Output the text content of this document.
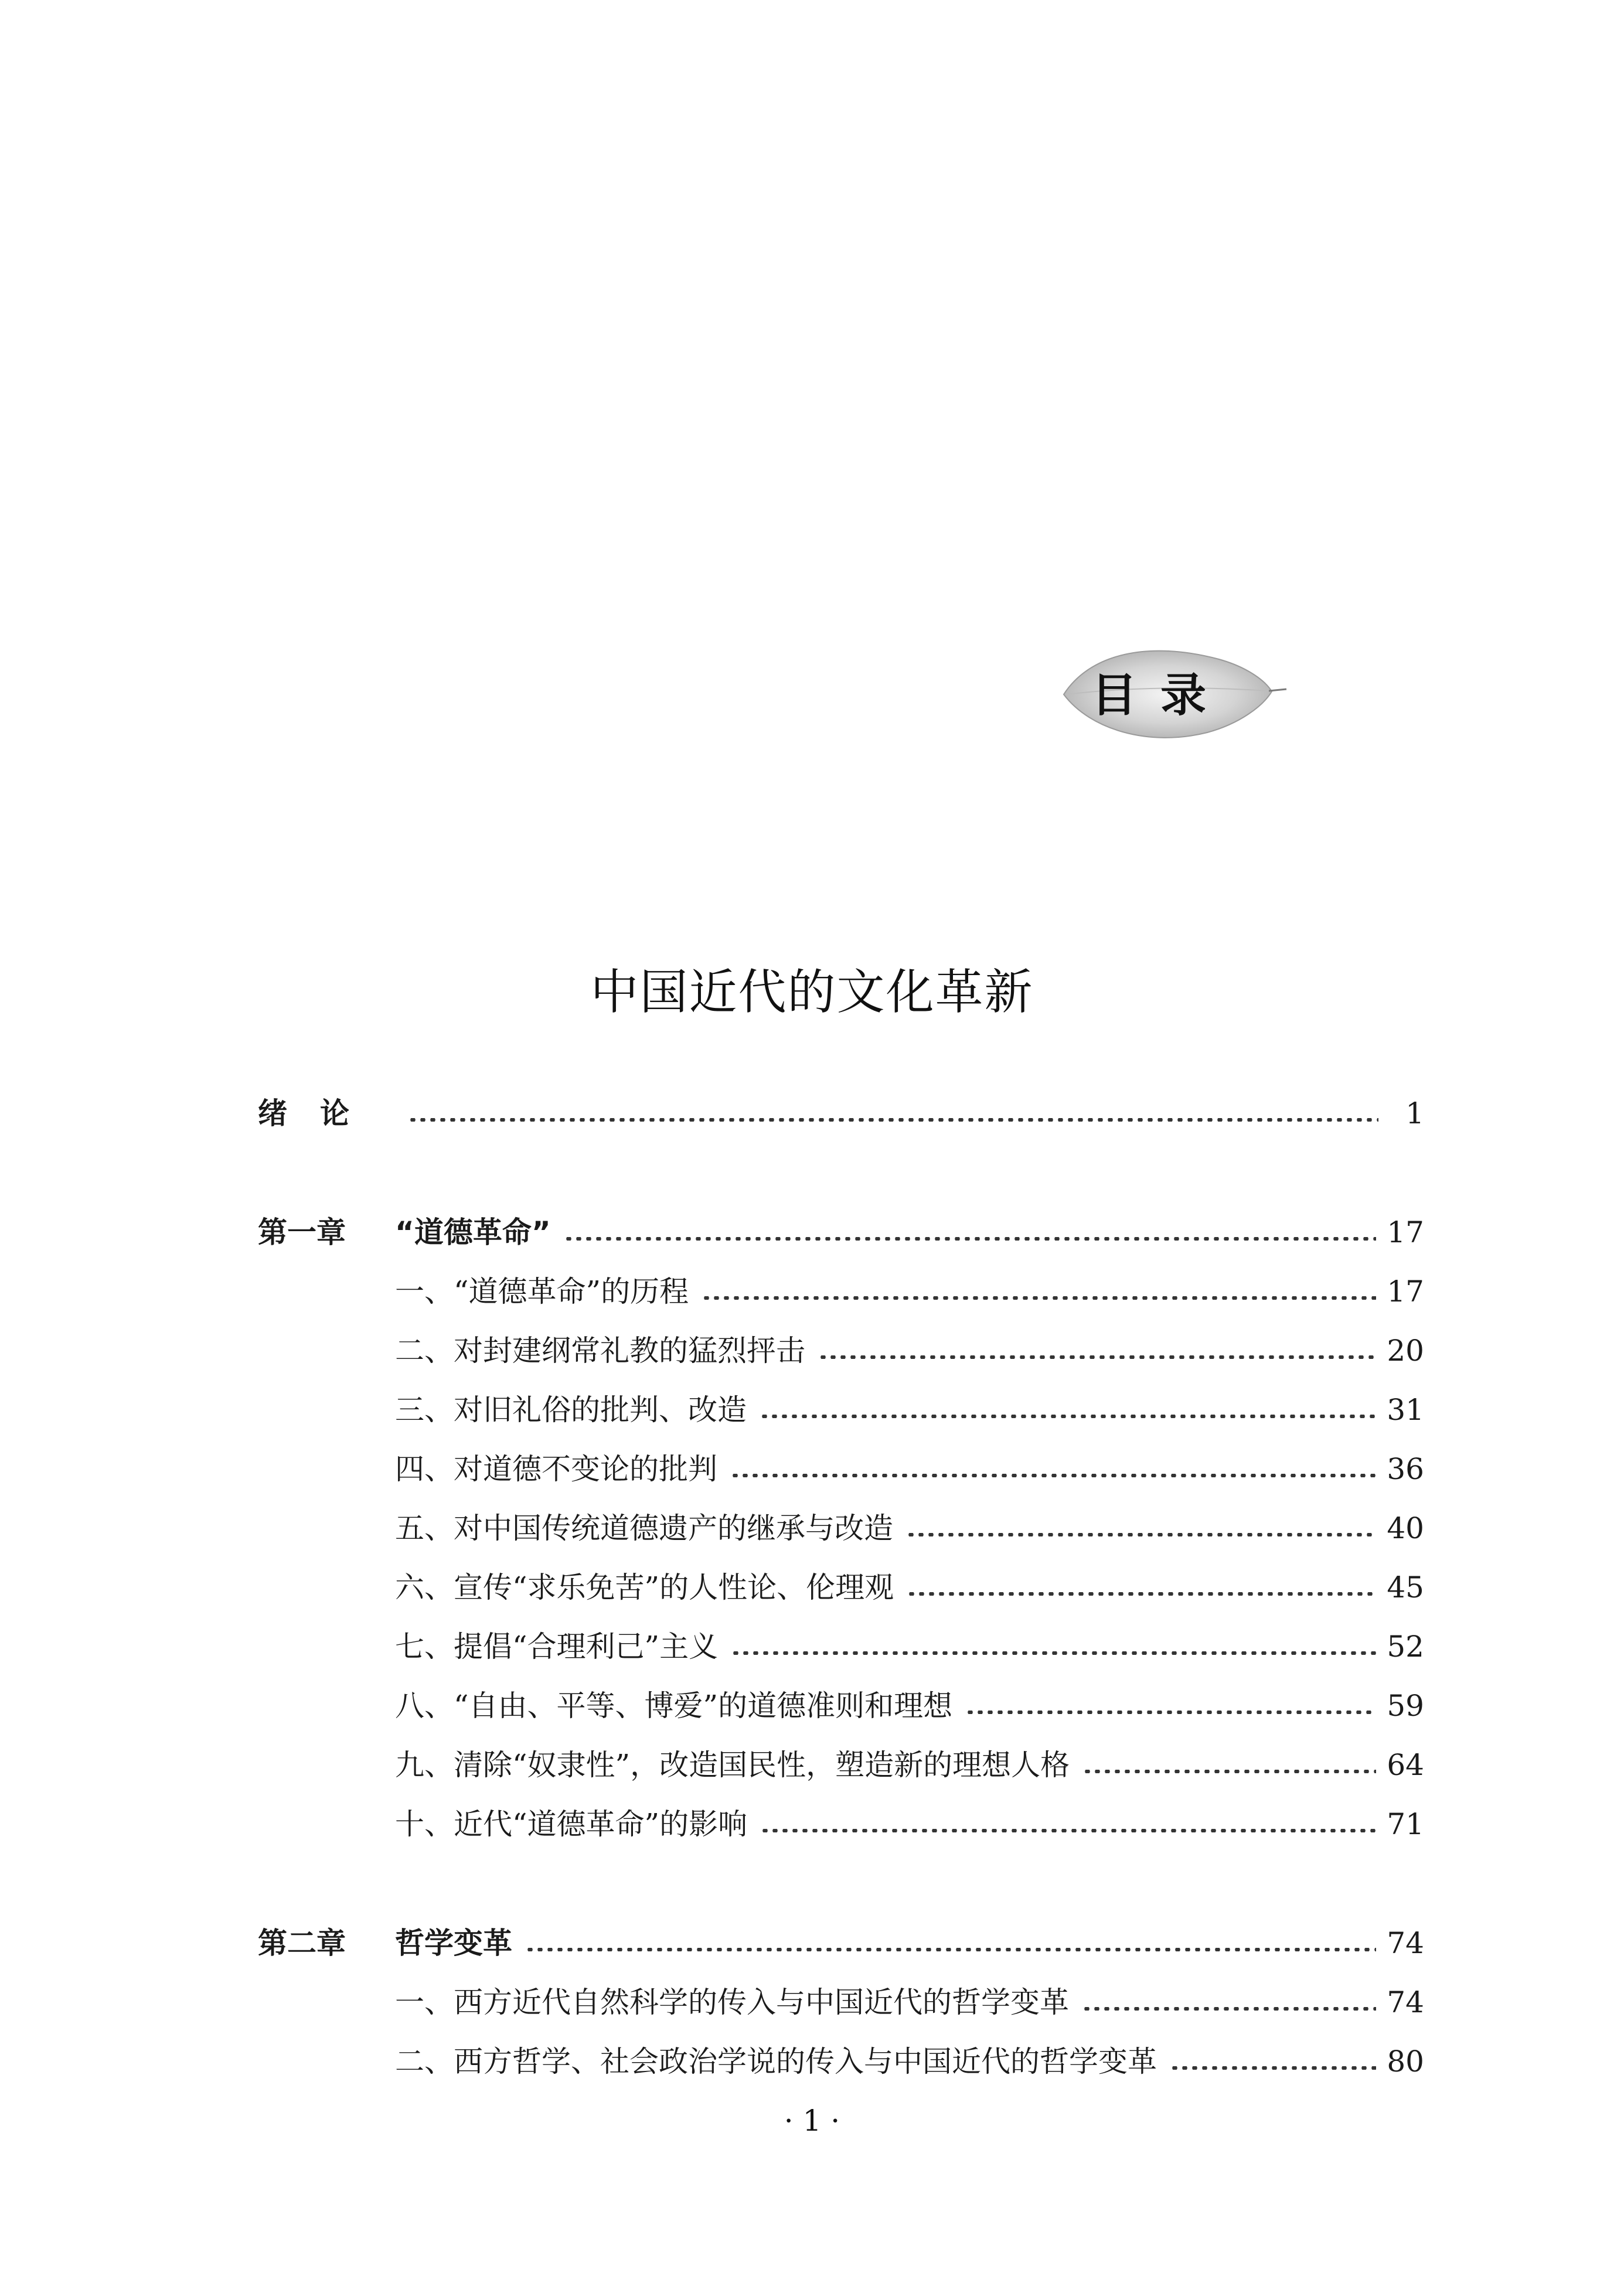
目录
中国近代的文化革新
绪论	1
第一章 “道德革命”	17
一、“道德革命”的历程	17
二、对封建纲常礼教的猛烈抨击	20
三、对旧礼俗的批判、改造	31
四、对道德不变论的批判	36
五、对中国传统道德遗产的继承与改造	40
六、宣传“求乐免苦”的人性论、伦理观	45
七、提倡“合理利己”主义	52
八、“自由、平等、博爱”的道德准则和理想	59
九、清除“奴隶性”，改造国民性，塑造新的理想人格	64
十、近代“道德革命”的影响	71
第二章 哲学变革	74
一、西方近代自然科学的传入与中国近代的哲学变革	74
二、西方哲学、社会政治学说的传入与中国近代的哲学变革	80
· 1 ·
